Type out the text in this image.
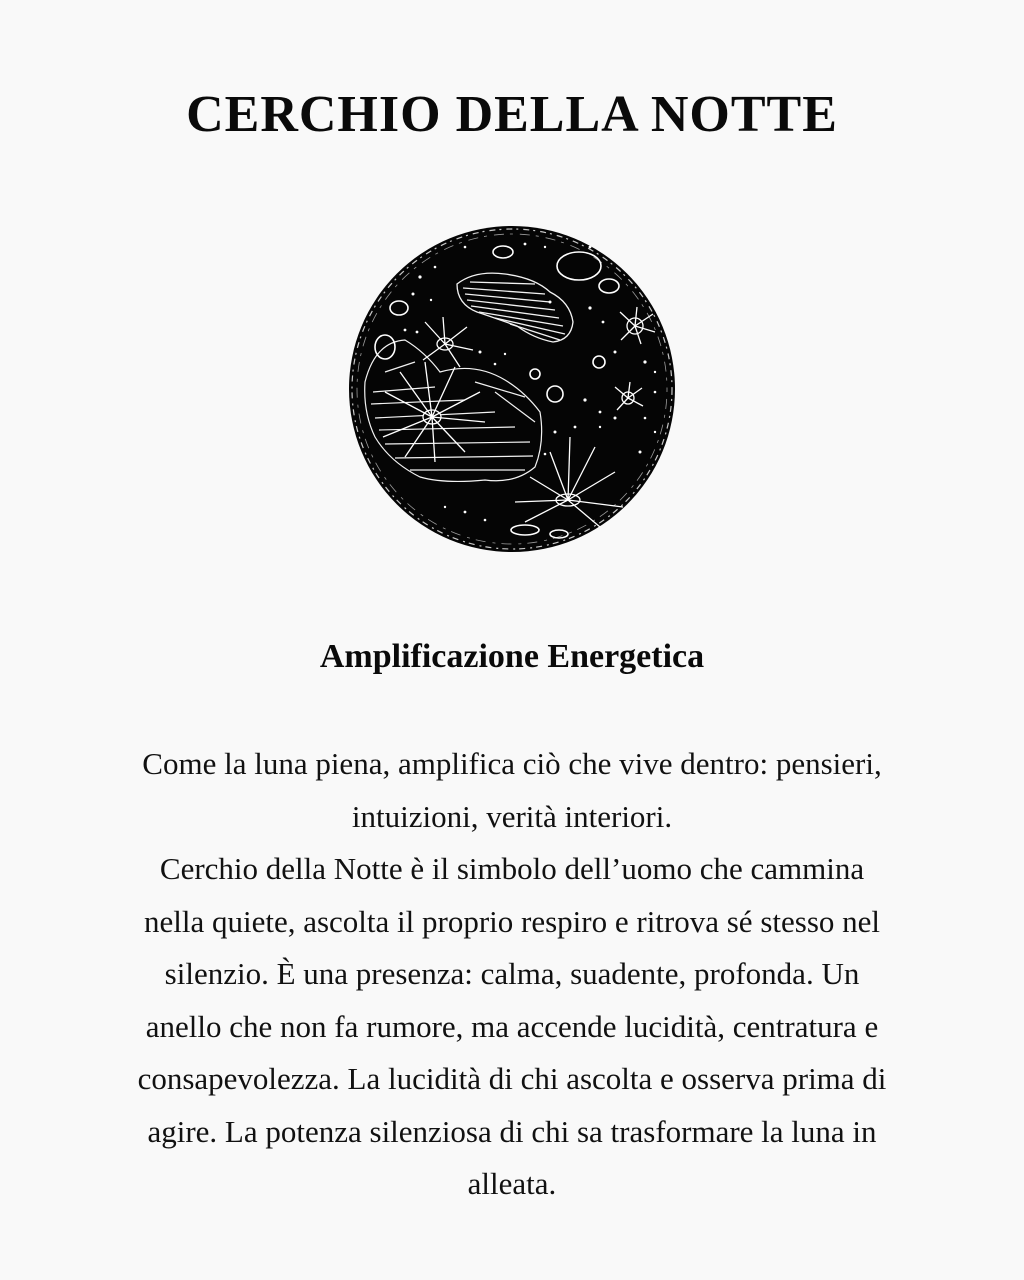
CERCHIO DELLA NOTTE
Amplificazione Energetica
Come la luna piena, amplifica ciò che vive dentro: pensieri,
intuizioni, verità interiori.
Cerchio della Notte è il simbolo dell’uomo che cammina
nella quiete, ascolta il proprio respiro e ritrova sé stesso nel
silenzio. È una presenza: calma, suadente, profonda. Un
anello che non fa rumore, ma accende lucidità, centratura e
consapevolezza. La lucidità di chi ascolta e osserva prima di
agire. La potenza silenziosa di chi sa trasformare la luna in
alleata.
